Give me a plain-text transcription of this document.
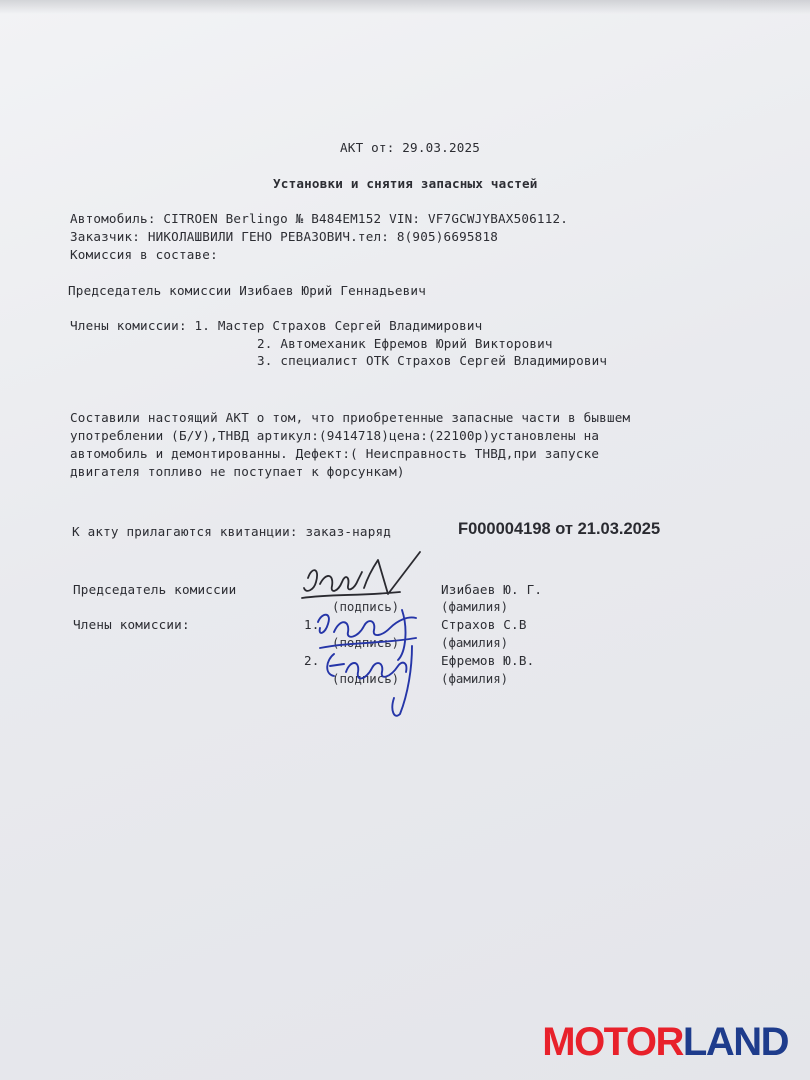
АКТ от: 29.03.2025
Установки и снятия запасных частей
Автомобиль: CITROEN Berlingo № В484ЕМ152 VIN: VF7GCWJYBAX506112.
Заказчик: НИКОЛАШВИЛИ ГЕНО РЕВАЗОВИЧ.тел: 8(905)6695818
Комиссия в составе:
Председатель комиссии Изибаев Юрий Геннадьевич
Члены комиссии: 1. Мастер Страхов Сергей Владимирович
2. Автомеханик Ефремов Юрий Викторович
3. специалист ОТК Страхов Сергей Владимирович
Составили настоящий АКТ о том, что приобретенные запасные части в бывшем
употреблении (Б/У),ТНВД артикул:(9414718)цена:(22100р)установлены на
автомобиль и демонтированны. Дефект:( Неисправность ТНВД,при запуске
двигателя топливо не поступает к форсункам)
К акту прилагаются квитанции: заказ-наряд	F000004198 от 21.03.2025
Председатель комиссии
Члены комиссии:	1.
2.
(подпись)
(подпись)
(подпись)
Изибаев Ю. Г.
Страхов С.В
Ефремов Ю.В.
(фамилия)
(фамилия)
(фамилия)
MOTORLAND
